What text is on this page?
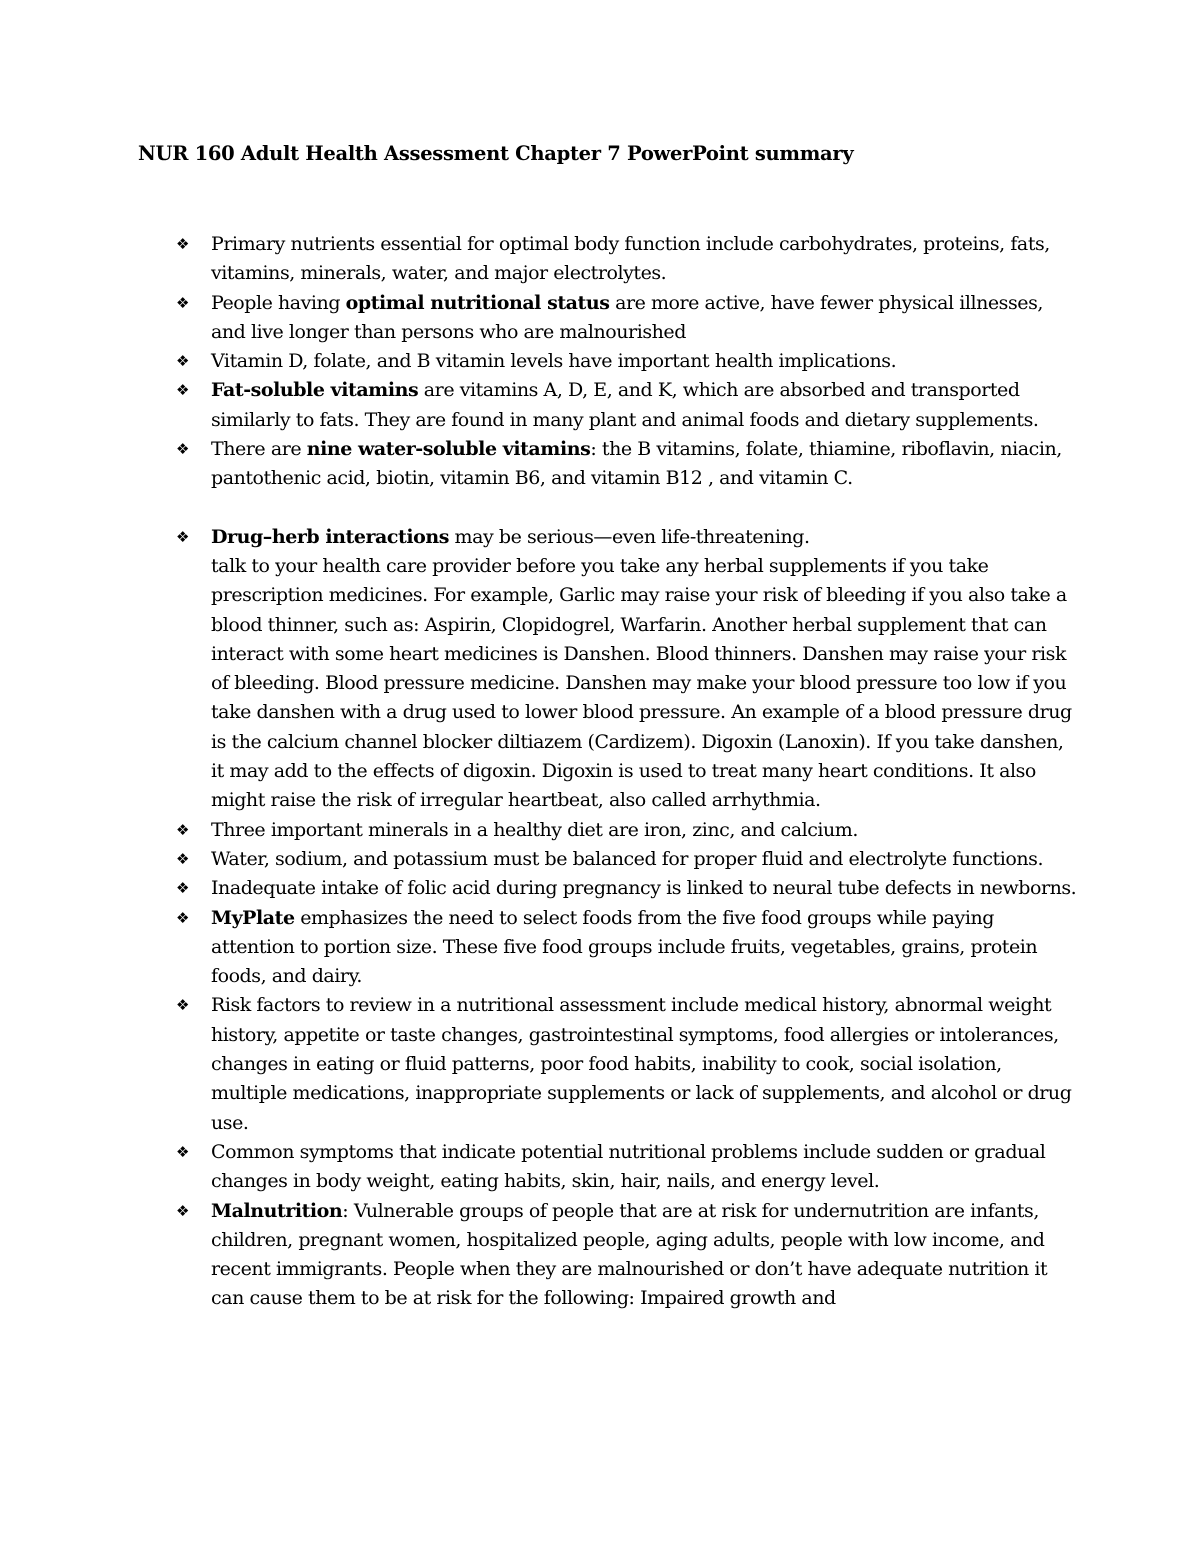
NUR 160 Adult Health Assessment Chapter 7 PowerPoint summary
❖ Primary nutrients essential for optimal body function include carbohydrates, proteins, fats, vitamins, minerals, water, and major electrolytes.
❖ People having optimal nutritional status are more active, have fewer physical illnesses, and live longer than persons who are malnourished
❖ Vitamin D, folate, and B vitamin levels have important health implications.
❖ Fat-soluble vitamins are vitamins A, D, E, and K, which are absorbed and transported similarly to fats. They are found in many plant and animal foods and dietary supplements.
❖ There are nine water-soluble vitamins: the B vitamins, folate, thiamine, riboflavin, niacin, pantothenic acid, biotin, vitamin B6, and vitamin B12 , and vitamin C.
❖ Drug–herb interactions may be serious—even life-threatening.
talk to your health care provider before you take any herbal supplements if you take prescription medicines. For example, Garlic may raise your risk of bleeding if you also take a blood thinner, such as: Aspirin, Clopidogrel, Warfarin. Another herbal supplement that can interact with some heart medicines is Danshen. Blood thinners. Danshen may raise your risk of bleeding. Blood pressure medicine. Danshen may make your blood pressure too low if you take danshen with a drug used to lower blood pressure. An example of a blood pressure drug is the calcium channel blocker diltiazem (Cardizem). Digoxin (Lanoxin). If you take danshen, it may add to the effects of digoxin. Digoxin is used to treat many heart conditions. It also might raise the risk of irregular heartbeat, also called arrhythmia.
❖ Three important minerals in a healthy diet are iron, zinc, and calcium.
❖ Water, sodium, and potassium must be balanced for proper fluid and electrolyte functions.
❖ Inadequate intake of folic acid during pregnancy is linked to neural tube defects in newborns.
❖ MyPlate emphasizes the need to select foods from the five food groups while paying attention to portion size. These five food groups include fruits, vegetables, grains, protein foods, and dairy.
❖ Risk factors to review in a nutritional assessment include medical history, abnormal weight history, appetite or taste changes, gastrointestinal symptoms, food allergies or intolerances, changes in eating or fluid patterns, poor food habits, inability to cook, social isolation, multiple medications, inappropriate supplements or lack of supplements, and alcohol or drug use.
❖ Common symptoms that indicate potential nutritional problems include sudden or gradual changes in body weight, eating habits, skin, hair, nails, and energy level.
❖ Malnutrition: Vulnerable groups of people that are at risk for undernutrition are infants, children, pregnant women, hospitalized people, aging adults, people with low income, and recent immigrants. People when they are malnourished or don’t have adequate nutrition it can cause them to be at risk for the following: Impaired growth and
